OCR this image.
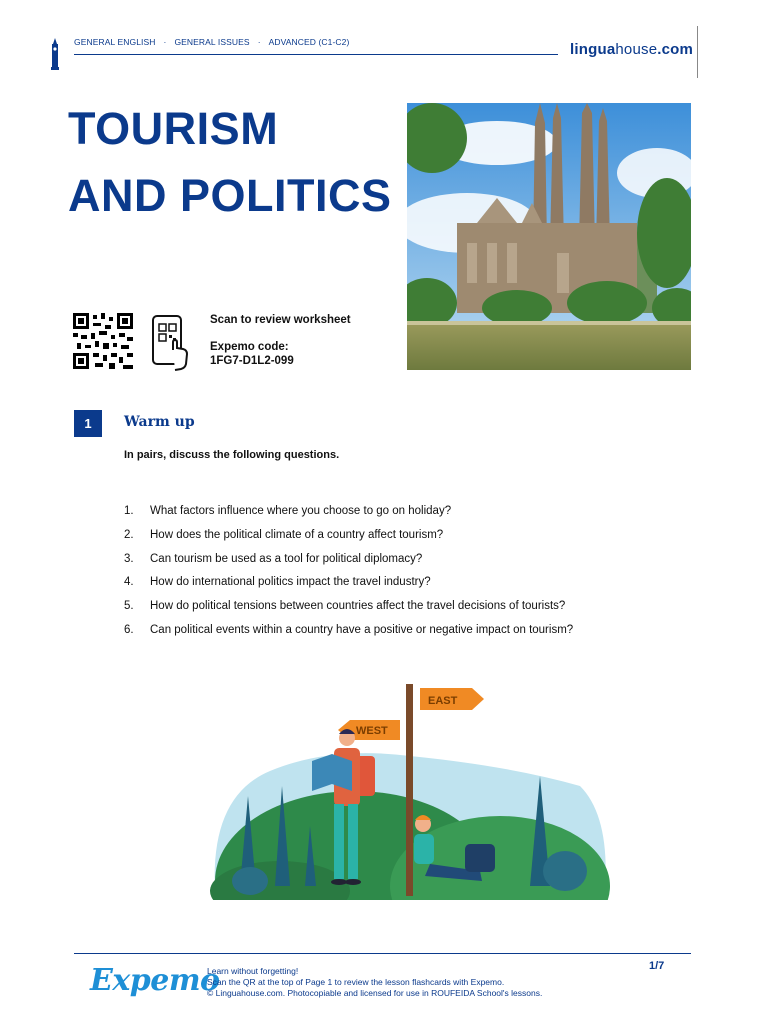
GENERAL ENGLISH · GENERAL ISSUES · ADVANCED (C1-C2)	linguahouse.com
TOURISM
AND POLITICS
Scan to review worksheet
Expemo code:
1FG7-D1L2-099
1	Warm up
In pairs, discuss the following questions.
1. What factors influence where you choose to go on holiday?
2. How does the political climate of a country affect tourism?
3. Can tourism be used as a tool for political diplomacy?
4. How do international politics impact the travel industry?
5. How do political tensions between countries affect the travel decisions of tourists?
6. Can political events within a country have a positive or negative impact on tourism?
EAST
WEST
Expemo
Learn without forgetting!
Scan the QR at the top of Page 1 to review the lesson flashcards with Expemo.
© Linguahouse.com. Photocopiable and licensed for use in ROUFEIDA School's lessons.
1/7
